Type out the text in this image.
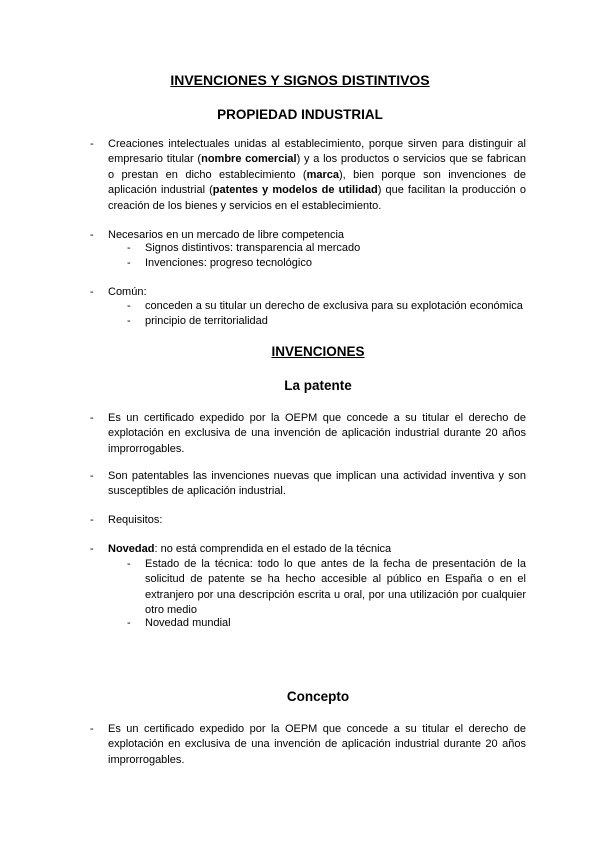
INVENCIONES Y SIGNOS DISTINTIVOS
PROPIEDAD INDUSTRIAL
- Creaciones intelectuales unidas al establecimiento, porque sirven para distinguir al empresario titular (nombre comercial) y a los productos o servicios que se fabrican o prestan en dicho establecimiento (marca), bien porque son invenciones de aplicación industrial (patentes y modelos de utilidad) que facilitan la producción o creación de los bienes y servicios en el establecimiento.
- Necesarios en un mercado de libre competencia
- Signos distintivos: transparencia al mercado
- Invenciones: progreso tecnológico
- Común:
- conceden a su titular un derecho de exclusiva para su explotación económica
- principio de territorialidad
INVENCIONES
La patente
- Es un certificado expedido por la OEPM que concede a su titular el derecho de explotación en exclusiva de una invención de aplicación industrial durante 20 años improrrogables.
- Son patentables las invenciones nuevas que implican una actividad inventiva y son susceptibles de aplicación industrial.
- Requisitos:
- Novedad: no está comprendida en el estado de la técnica
- Estado de la técnica: todo lo que antes de la fecha de presentación de la solicitud de patente se ha hecho accesible al público en España o en el extranjero por una descripción escrita u oral, por una utilización por cualquier otro medio
- Novedad mundial
Concepto
- Es un certificado expedido por la OEPM que concede a su titular el derecho de explotación en exclusiva de una invención de aplicación industrial durante 20 años improrrogables.
